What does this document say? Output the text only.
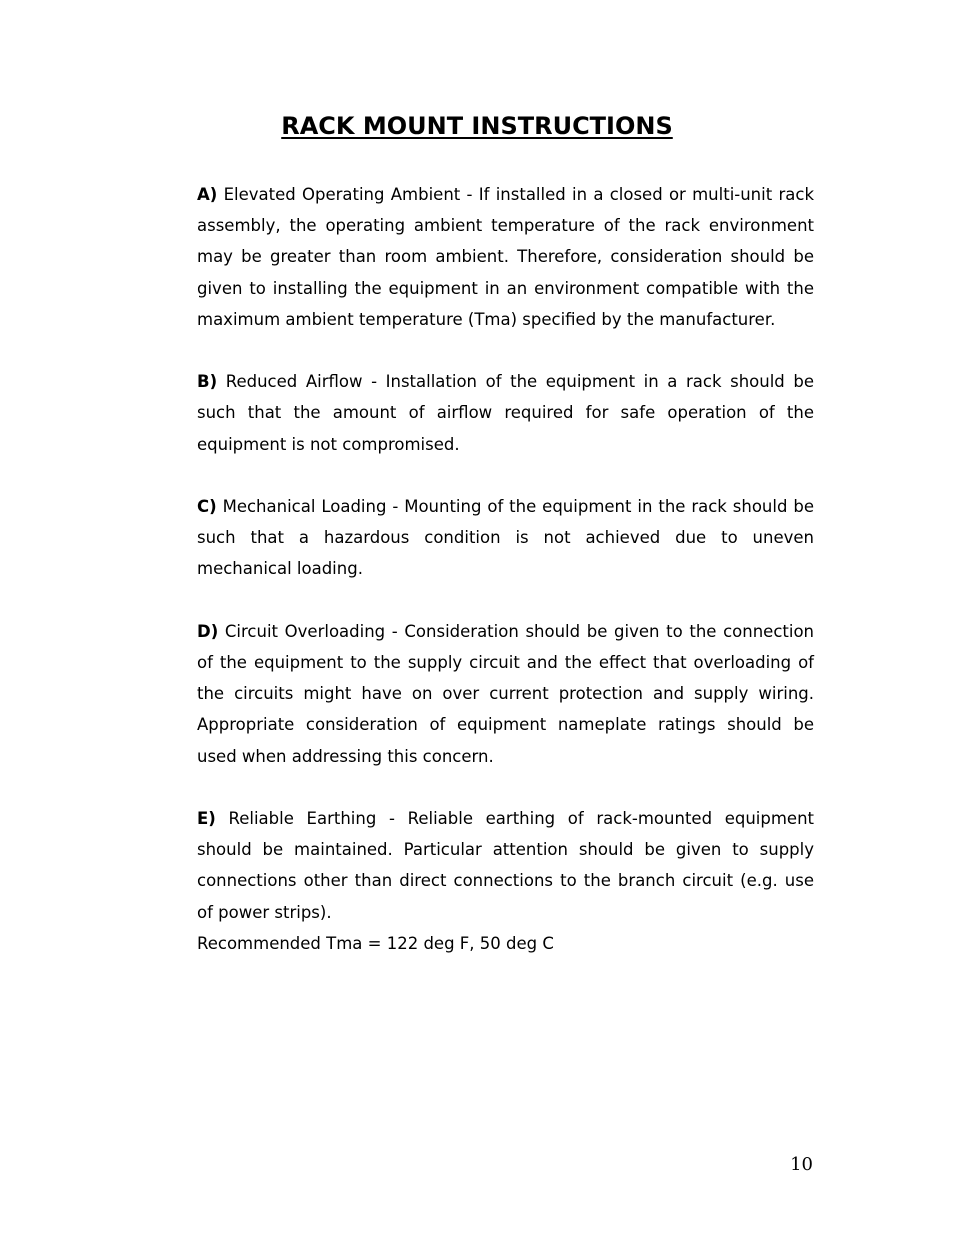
RACK MOUNT INSTRUCTIONS

A) Elevated Operating Ambient - If installed in a closed or multi-unit rack assembly, the operating ambient temperature of the rack environment may be greater than room ambient. Therefore, consideration should be given to installing the equipment in an environment compatible with the maximum ambient temperature (Tma) specified by the manufacturer.

B) Reduced Airflow - Installation of the equipment in a rack should be such that the amount of airflow required for safe operation of the equipment is not compromised.

C) Mechanical Loading - Mounting of the equipment in the rack should be such that a hazardous condition is not achieved due to uneven mechanical loading.

D) Circuit Overloading - Consideration should be given to the connection of the equipment to the supply circuit and the effect that overloading of the circuits might have on over current protection and supply wiring. Appropriate consideration of equipment nameplate ratings should be used when addressing this concern.

E) Reliable Earthing - Reliable earthing of rack-mounted equipment should be maintained. Particular attention should be given to supply connections other than direct connections to the branch circuit (e.g. use of power strips).

Recommended Tma = 122 deg F, 50 deg C

10
